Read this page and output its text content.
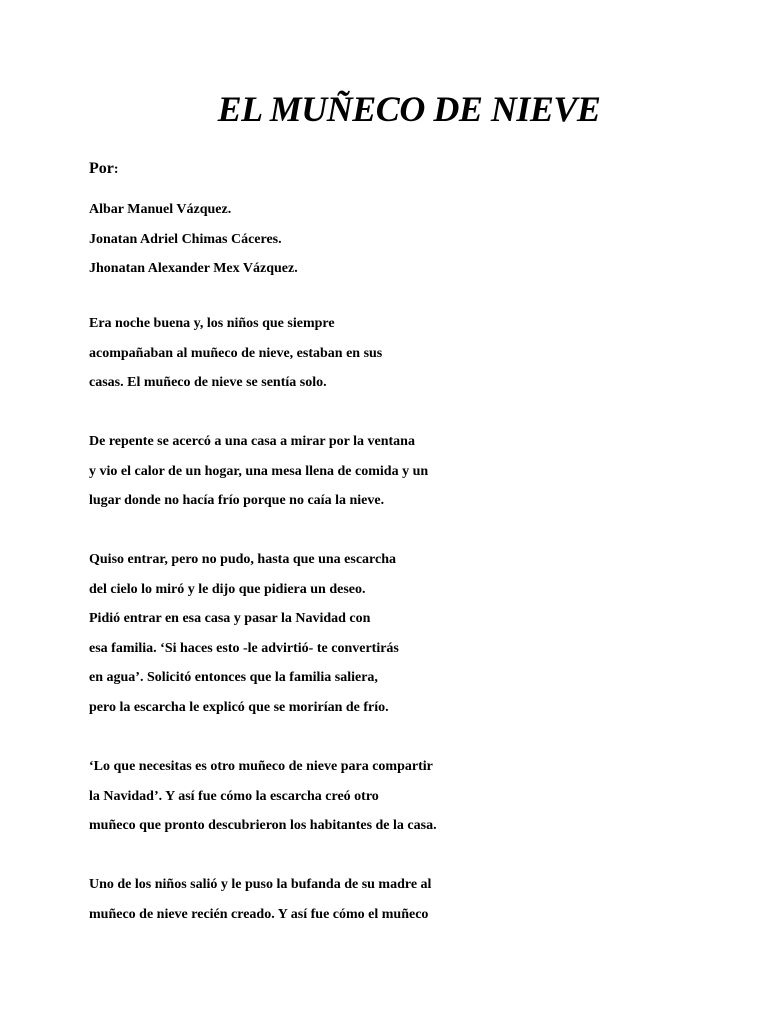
EL MUÑECO DE NIEVE

Por:

Albar Manuel Vázquez.
Jonatan Adriel Chimas Cáceres.
Jhonatan Alexander Mex Vázquez.
Era noche buena y, los niños que siempre
acompañaban al muñeco de nieve, estaban en sus
casas. El muñeco de nieve se sentía solo.
De repente se acercó a una casa a mirar por la ventana
y vio el calor de un hogar, una mesa llena de comida y un
lugar donde no hacía frío porque no caía la nieve.
Quiso entrar, pero no pudo, hasta que una escarcha
del cielo lo miró y le dijo que pidiera un deseo.
Pidió entrar en esa casa y pasar la Navidad con
esa familia. ‘Si haces esto -le advirtió- te convertirás
en agua’. Solicitó entonces que la familia saliera,
pero la escarcha le explicó que se morirían de frío.
‘Lo que necesitas es otro muñeco de nieve para compartir
la Navidad’. Y así fue cómo la escarcha creó otro
muñeco que pronto descubrieron los habitantes de la casa.
Uno de los niños salió y le puso la bufanda de su madre al
muñeco de nieve recién creado. Y así fue cómo el muñeco
